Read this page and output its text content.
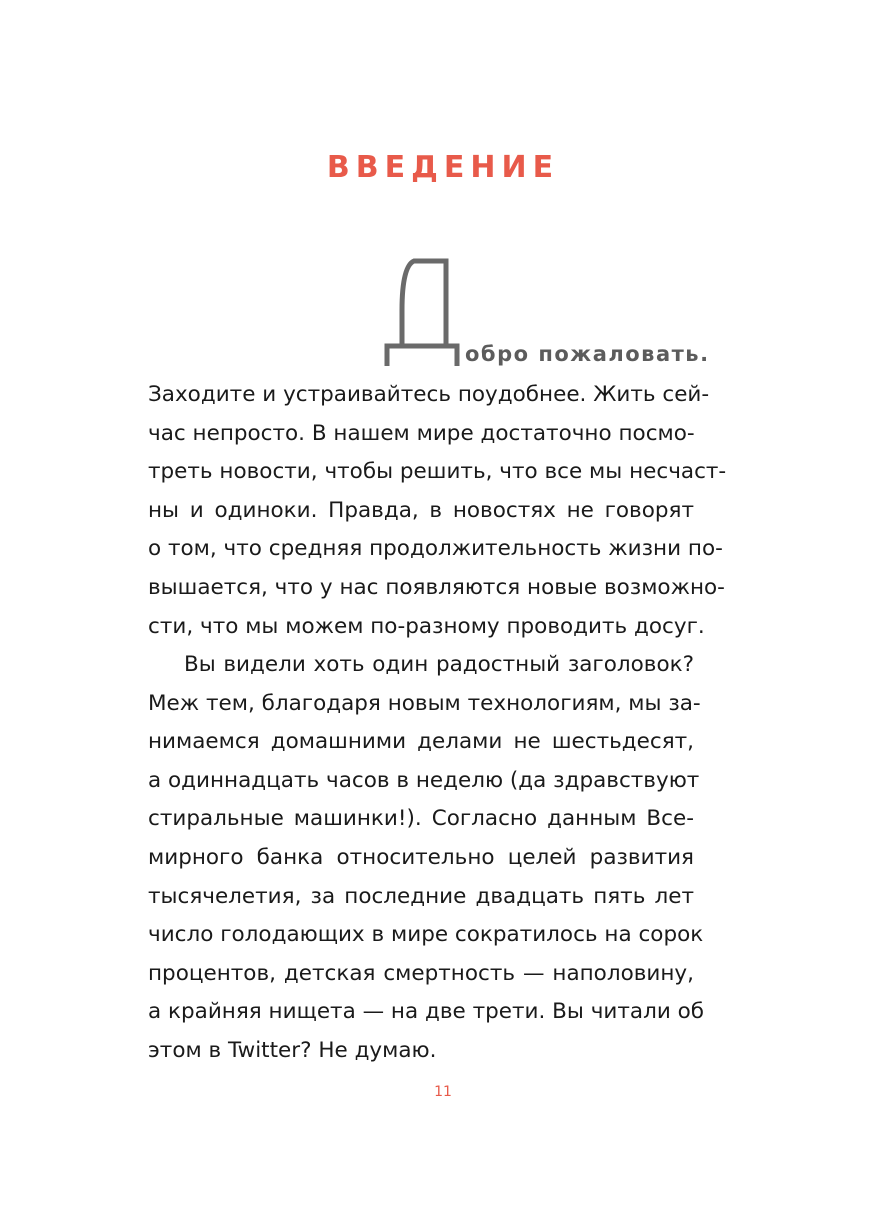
ВВЕДЕНИЕ
обро пожаловать.
Заходите и устраивайтесь поудобнее. Жить сей-
час непросто. В нашем мире достаточно посмо-
треть новости, чтобы решить, что все мы несчаст-
ны и одиноки. Правда, в новостях не говорят
о том, что средняя продолжительность жизни по-
вышается, что у нас появляются новые возможно-
сти, что мы можем по-разному проводить досуг.
Вы видели хоть один радостный заголовок?
Меж тем, благодаря новым технологиям, мы за-
нимаемся домашними делами не шестьдесят,
а одиннадцать часов в неделю (да здравствуют
стиральные машинки!). Согласно данным Все-
мирного банка относительно целей развития
тысячелетия, за последние двадцать пять лет
число голодающих в мире сократилось на сорок
процентов, детская смертность — наполовину,
а крайняя нищета — на две трети. Вы читали об
этом в Twitter? Не думаю.
11
